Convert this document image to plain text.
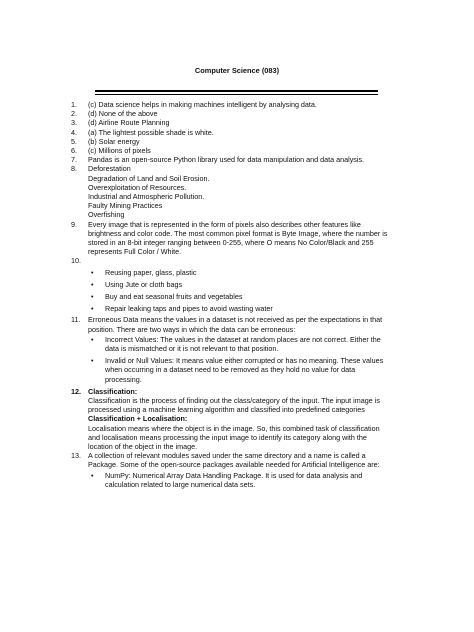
Computer Science (083)
1.	(c) Data science helps in making machines intelligent by analysing data.
2.	(d) None of the above
3.	(d) Airline Route Planning
4.	(a) The lightest possible shade is white.
5.	(b) Solar energy
6.	(c) Millions of pixels
7.	Pandas is an open-source Python library used for data manipulation and data analysis.
8.	Deforestation
Degradation of Land and Soil Erosion.
Overexploitation of Resources.
Industrial and Atmospheric Pollution.
Faulty Mining Practices
Overfishing
9.	Every image that is represented in the form of pixels also describes other features like brightness and color code. The most common pixel format is Byte Image, where the number is stored in an 8-bit integer ranging between 0-255, where O means No Color/Black and 255 represents Full Color / White.
10.
•	Reusing paper, glass, plastic
•	Using Jute or cloth bags
•	Buy and eat seasonal fruits and vegetables
•	Repair leaking taps and pipes to avoid wasting water
11.	Erroneous Data means the values in a dataset is not received as per the expectations in that position. There are two ways in which the data can be erroneous:
•	Incorrect Values: The values in the dataset at random places are not correct. Either the data is mismatched or it is not relevant to that position.
•	Invalid or Null Values: It means value either corrupted or has no meaning. These values when occurring in a dataset need to be removed as they hold no value for data processing.
12. Classification:
Classification is the process of finding out the class/category of the input. The input image is processed using a machine learning algorithm and classified into predefined categories
Classification + Localisation:
Localisation means where the object is in the image. So, this combined task of classification and localisation means processing the input image to identify its category along with the location of the object in the image.
13. A collection of relevant modules saved under the same directory and a name is called a Package. Some of the open-source packages available needed for Artificial Intelligence are:
•	NumPy: Numerical Array Data Handling Package. It is used for data analysis and calculation related to large numerical data sets.
